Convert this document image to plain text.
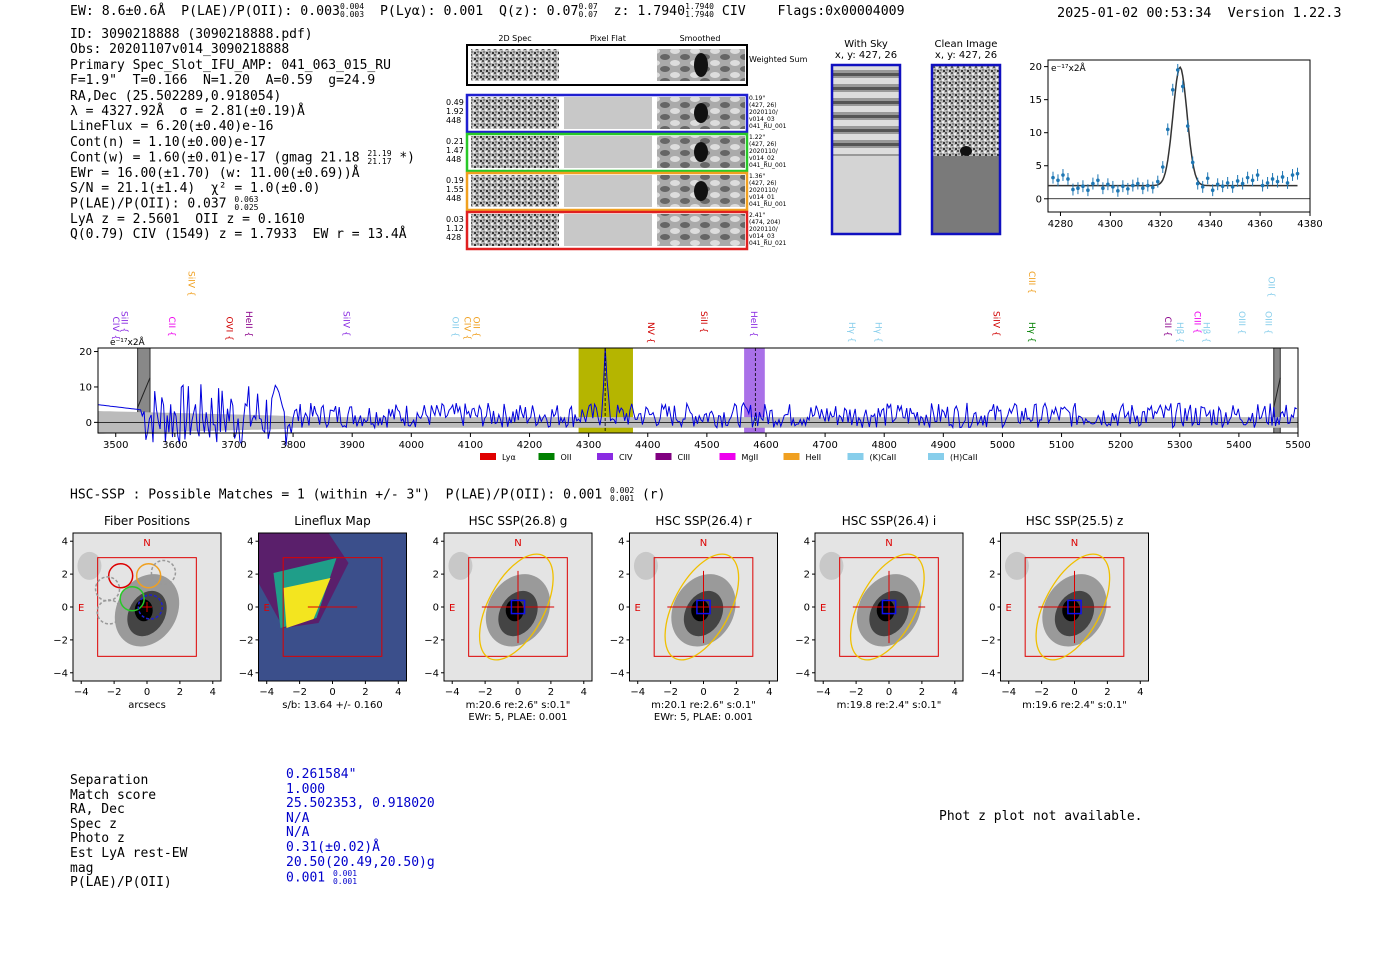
EW: 8.6±0.6Å  P(LAE)/P(OII): 0.003 0.004
0.003 P(Lyα): 0.001  Q(z): 0.07 0.07
0.07 z: 1.7940 1.7940
1.7940 CIV    Flags:0x00004009	2025-01-02 00:53:34  Version 1.22.3
ID: 3090218888 (3090218888.pdf)
Obs: 20201107v014_3090218888
Primary Spec_Slot_IFU_AMP: 041_063_015_RU
F=1.9"  T=0.166  N=1.20  A=0.59  g=24.9
RA,Dec (25.502289,0.918054)
λ = 4327.92Å  σ = 2.81(±0.19)Å
LineFlux = 6.20(±0.40)e-16
Cont(n) = 1.10(±0.00)e-17
Cont(w) = 1.60(±0.01)e-17 (gmag 21.18 21.19
21.17 *)
EWr = 16.00(±1.70) (w: 11.00(±0.69))Å
S/N = 21.1(±1.4)  χ² = 1.0(±0.0)
P(LAE)/P(OII): 0.037 0.063
0.025
LyA z = 2.5601  OII z = 0.1610
Q(0.79) CIV (1549) z = 1.7933  EW r = 13.4Å
2D Spec	Pixel Flat	Smoothed
Weighted Sum
0.49
1.92
448
0.19"
(427, 26)
2020110/
v014_03
041_RU_001
0.21
1.47
448
1.22"
(427, 26)
2020110/
v014_02
041_RU_001
0.19
1.55
448
1.36"
(427, 26)
2020110/
v014_01
041_RU_001
0.03
1.12
428
2.41"
(474, 204)
2020110/
v014_03
041_RU_021
With Sky
x, y: 427, 26
Clean Image
x, y: 427, 26
4280 4300 4320 4340 4360 4380
0
5
10
15
20 e⁻¹⁷x2Å
3500	3600	3700	3800	3900	4000	4100	4200	4300	4400	4500	4600	4700	4800	4900	5000	5100	5200	5300	5400	5500
0
10
20
e⁻¹⁷x2Å
CIV {
SiII {	CII {
SiIV {
OVI { HeII {	SiIV {	OII { CIV {
OII {	NV {	SiII {	HeII {	Hγ { Hγ {	SiIV {
CIII {
Hγ {	CII { Hβ { CIII {
Hβ {	OIII { OIII {
OII {
Lyα	OII	CIV	CIII	MgII	HeII	(K)CaII	(H)CaII
HSC-SSP : Possible Matches = 1 (within +/- 3")  P(LAE)/P(OII): 0.001 0.002
0.001 (r)
Fiber Positions
N
E
−4
−4
−2
−2
0
0
2
2
4
4
arcsecs
Lineflux Map
E
−4
−4
−2
−2
0
0
2
2
4
4
s/b: 13.64 +/- 0.160
HSC SSP(26.8) g
N
E
−4
−4
−2
−2
0
0
2
2
4
4
m:20.6 re:2.6" s:0.1"
EWr: 5, PLAE: 0.001
HSC SSP(26.4) r
N
E
−4
−4
−2
−2
0
0
2
2
4
4
m:20.1 re:2.6" s:0.1"
EWr: 5, PLAE: 0.001
HSC SSP(26.4) i
N
E
−4
−4
−2
−2
0
0
2
2
4
4
m:19.8 re:2.4" s:0.1"
HSC SSP(25.5) z
N
E
−4
−4
−2
−2
0
0
2
2
4
4
m:19.6 re:2.4" s:0.1"
Separation	0.261584"
Match score	1.000
RA, Dec	25.502353, 0.918020
Spec z	N/A
Photo z	N/A
Est LyA rest-EW	0.31(±0.02)Å
mag	20.50(20.49,20.50)g
P(LAE)/P(OII)	0.001 0.001
0.001
Phot z plot not available.
